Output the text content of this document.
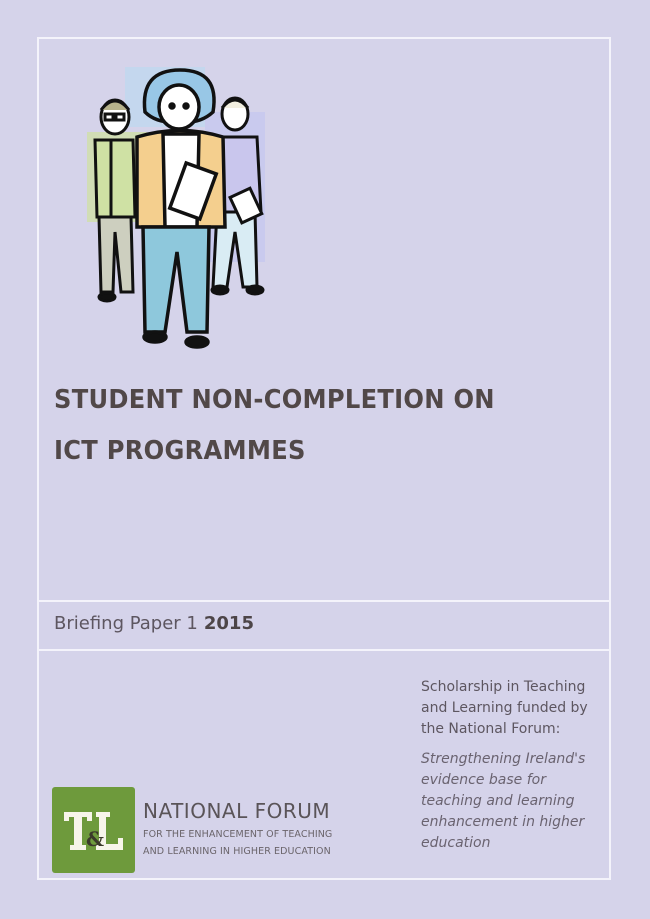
STUDENT NON-COMPLETION ON
ICT PROGRAMMES
Briefing Paper 1 2015
Scholarship in Teaching
and Learning funded by
the National Forum:
Strengthening Ireland's
evidence base for
teaching and learning
enhancement in higher
education
&
NATIONAL FORUM
FOR THE ENHANCEMENT OF TEACHING
AND LEARNING IN HIGHER EDUCATION
